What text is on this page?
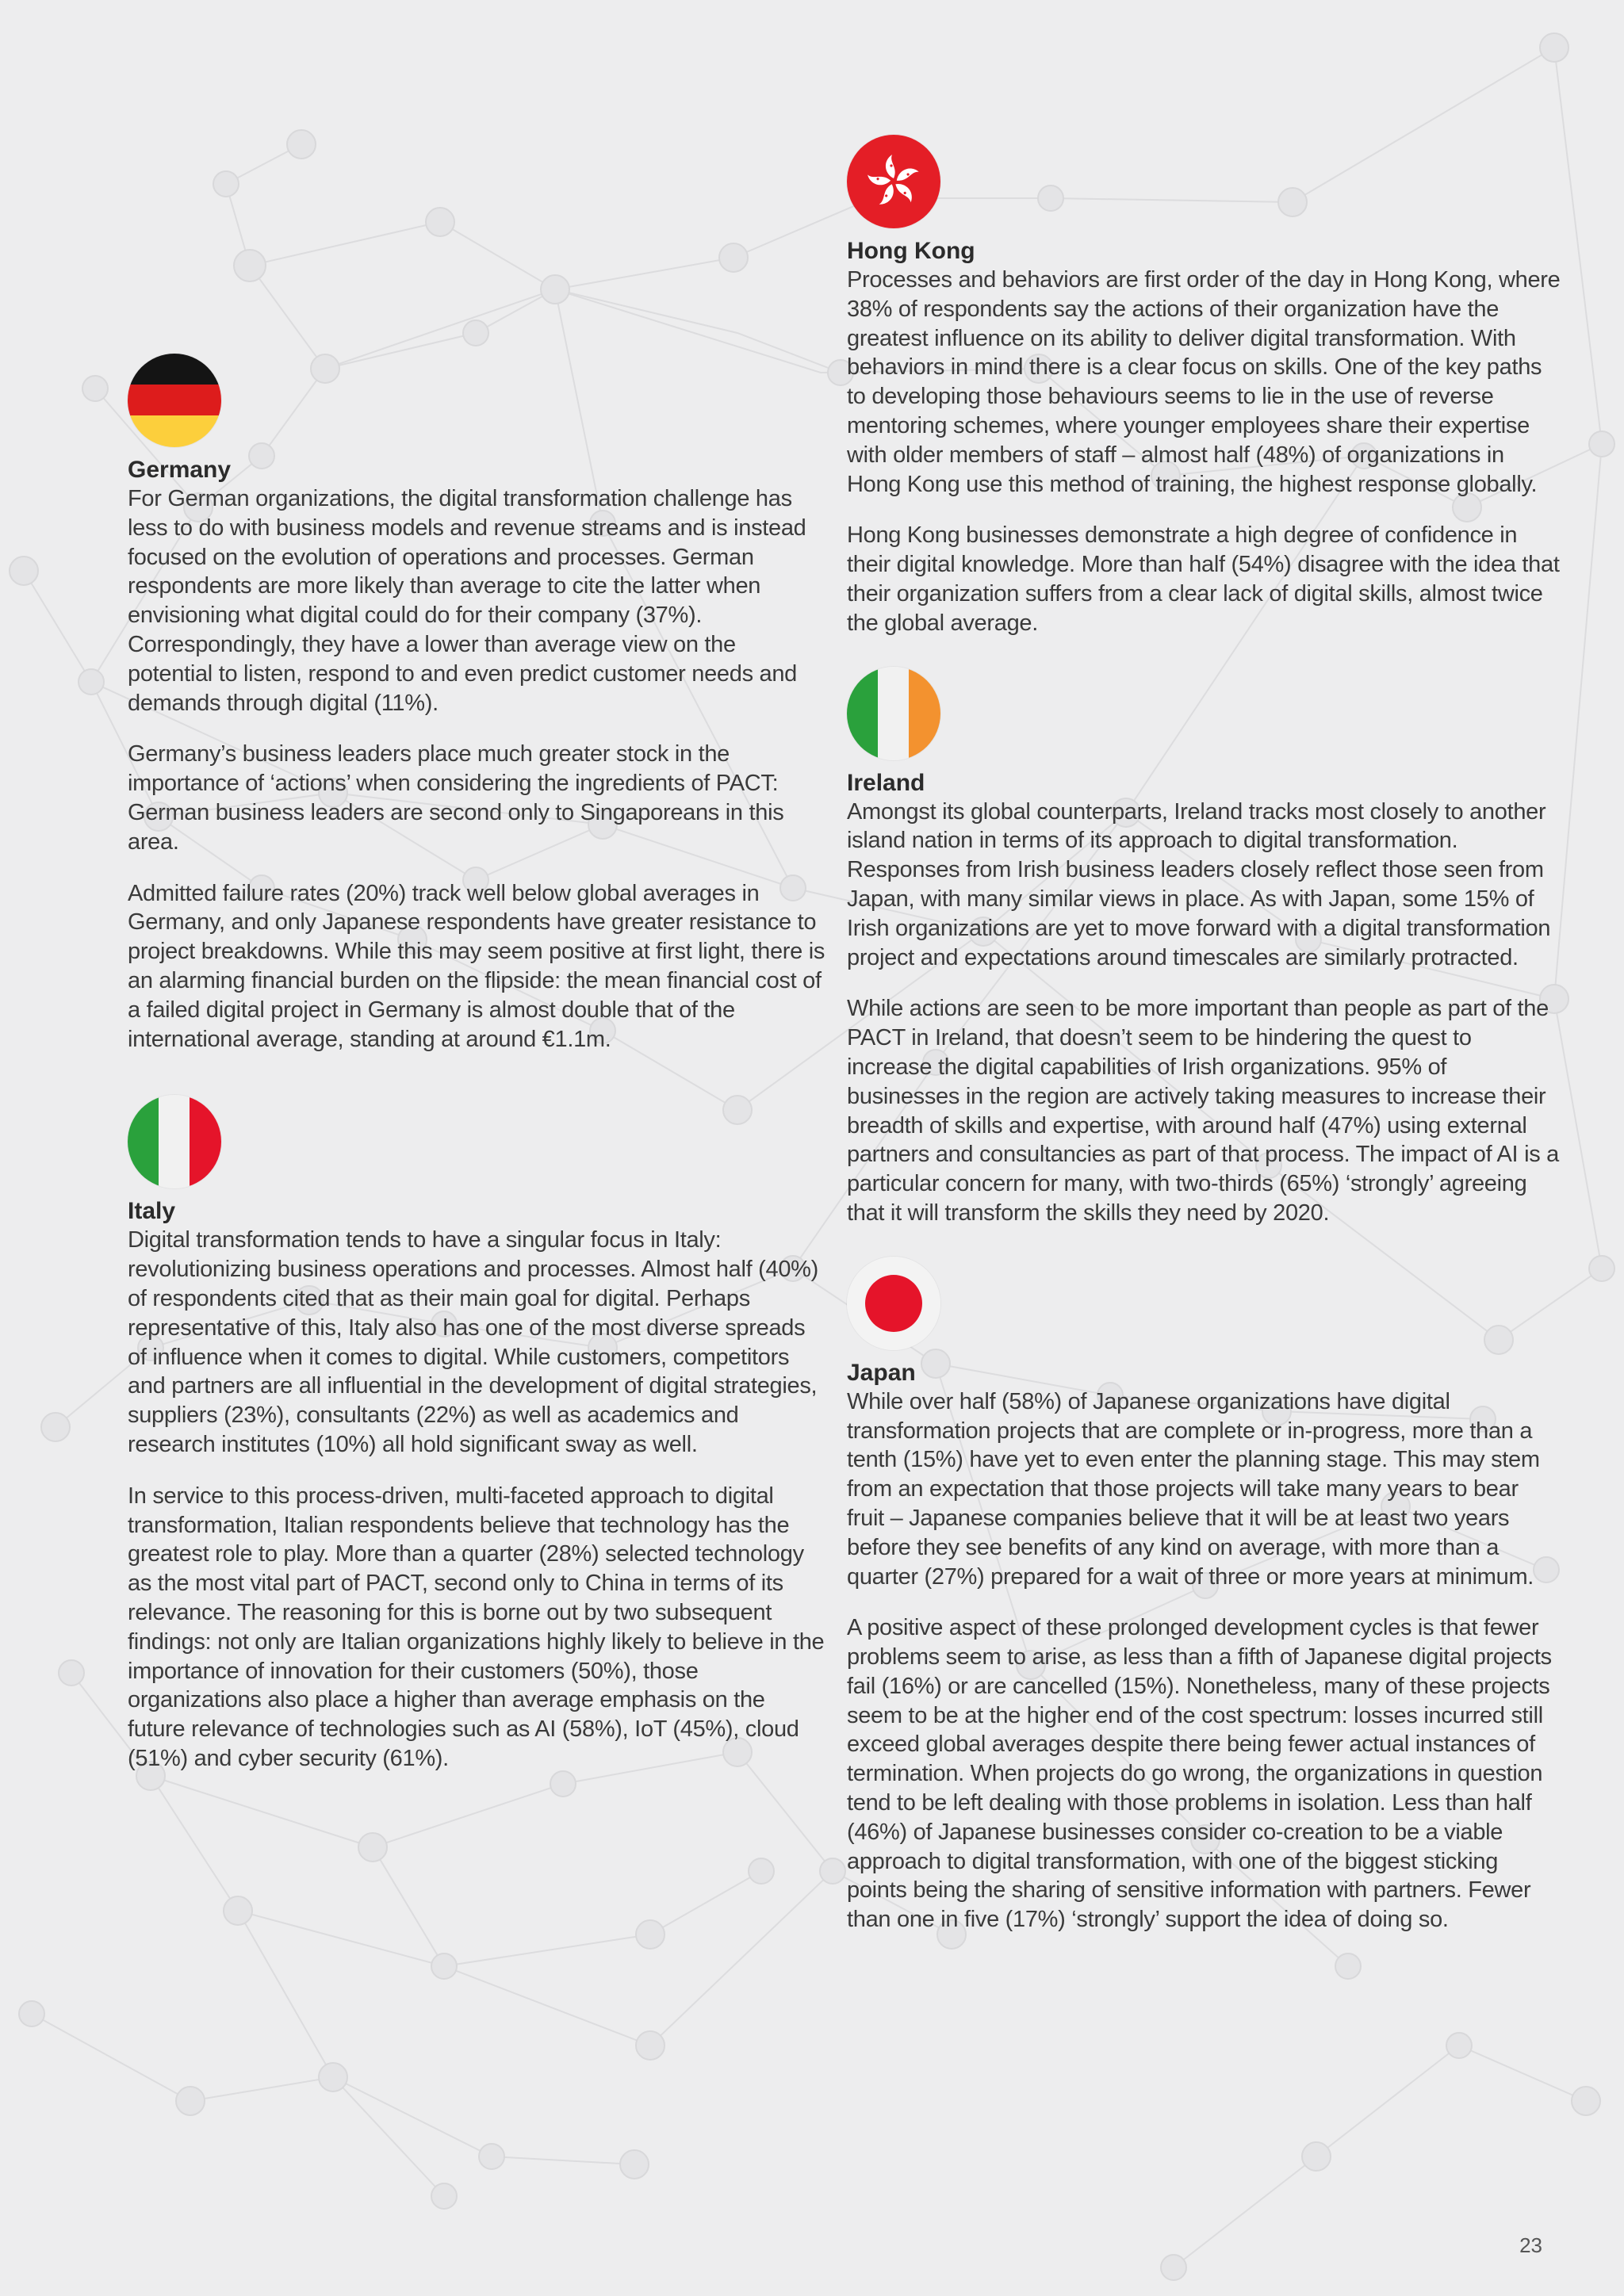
Germany

For German organizations, the digital transformation challenge has less to do with business models and revenue streams and is instead focused on the evolution of operations and processes. German respondents are more likely than average to cite the latter when envisioning what digital could do for their company (37%). Correspondingly, they have a lower than average view on the potential to listen, respond to and even predict customer needs and demands through digital (11%).

Germany’s business leaders place much greater stock in the importance of ‘actions’ when considering the ingredients of PACT: German business leaders are second only to Singaporeans in this area.

Admitted failure rates (20%) track well below global averages in Germany, and only Japanese respondents have greater resistance to project breakdowns. While this may seem positive at first light, there is an alarming financial burden on the flipside: the mean financial cost of a failed digital project in Germany is almost double that of the international average, standing at around €1.1m.

Italy

Digital transformation tends to have a singular focus in Italy: revolutionizing business operations and processes. Almost half (40%) of respondents cited that as their main goal for digital. Perhaps representative of this, Italy also has one of the most diverse spreads of influence when it comes to digital. While customers, competitors and partners are all influential in the development of digital strategies, suppliers (23%), consultants (22%) as well as academics and research institutes (10%) all hold significant sway as well.

In service to this process-driven, multi-faceted approach to digital transformation, Italian respondents believe that technology has the greatest role to play. More than a quarter (28%) selected technology as the most vital part of PACT, second only to China in terms of its relevance. The reasoning for this is borne out by two subsequent findings: not only are Italian organizations highly likely to believe in the importance of innovation for their customers (50%), those organizations also place a higher than average emphasis on the future relevance of technologies such as AI (58%), IoT (45%), cloud (51%) and cyber security (61%).

Hong Kong

Processes and behaviors are first order of the day in Hong Kong, where 38% of respondents say the actions of their organization have the greatest influence on its ability to deliver digital transformation. With behaviors in mind there is a clear focus on skills. One of the key paths to developing those behaviours seems to lie in the use of reverse mentoring schemes, where younger employees share their expertise with older members of staff – almost half (48%) of organizations in Hong Kong use this method of training, the highest response globally.

Hong Kong businesses demonstrate a high degree of confidence in their digital knowledge. More than half (54%) disagree with the idea that their organization suffers from a clear lack of digital skills, almost twice the global average.

Ireland

Amongst its global counterparts, Ireland tracks most closely to another island nation in terms of its approach to digital transformation. Responses from Irish business leaders closely reflect those seen from Japan, with many similar views in place. As with Japan, some 15% of Irish organizations are yet to move forward with a digital transformation project and expectations around timescales are similarly protracted.

While actions are seen to be more important than people as part of the PACT in Ireland, that doesn’t seem to be hindering the quest to increase the digital capabilities of Irish organizations. 95% of businesses in the region are actively taking measures to increase their breadth of skills and expertise, with around half (47%) using external partners and consultancies as part of that process. The impact of AI is a particular concern for many, with two-thirds (65%) ‘strongly’ agreeing that it will transform the skills they need by 2020.

Japan

While over half (58%) of Japanese organizations have digital transformation projects that are complete or in-progress, more than a tenth (15%) have yet to even enter the planning stage. This may stem from an expectation that those projects will take many years to bear fruit – Japanese companies believe that it will be at least two years before they see benefits of any kind on average, with more than a quarter (27%) prepared for a wait of three or more years at minimum.

A positive aspect of these prolonged development cycles is that fewer problems seem to arise, as less than a fifth of Japanese digital projects fail (16%) or are cancelled (15%). Nonetheless, many of these projects seem to be at the higher end of the cost spectrum: losses incurred still exceed global averages despite there being fewer actual instances of termination. When projects do go wrong, the organizations in question tend to be left dealing with those problems in isolation. Less than half (46%) of Japanese businesses consider co-creation to be a viable approach to digital transformation, with one of the biggest sticking points being the sharing of sensitive information with partners. Fewer than one in five (17%) ‘strongly’ support the idea of doing so.

23
